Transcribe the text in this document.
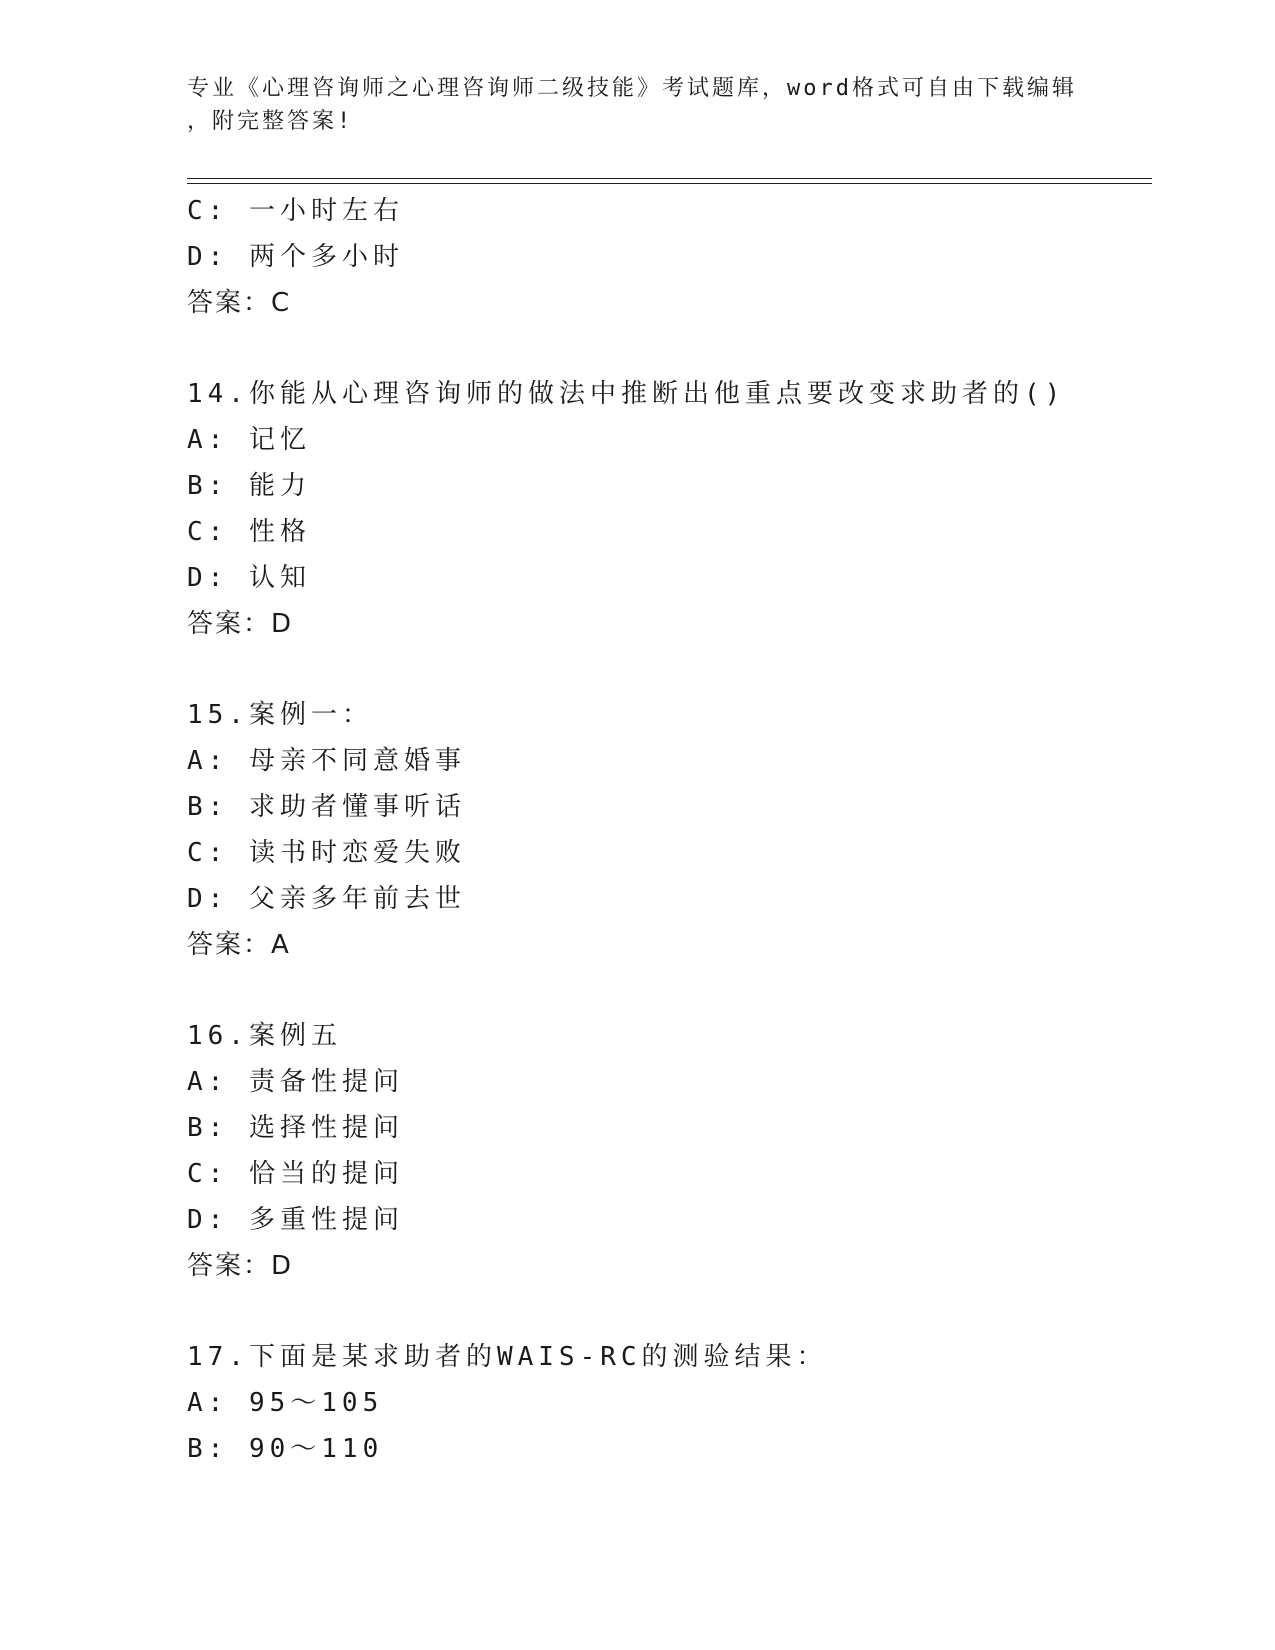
专业《心理咨询师之心理咨询师二级技能》考试题库，word格式可自由下载编辑
，附完整答案!
C: 一小时左右
D: 两个多小时
答案：C
14.你能从心理咨询师的做法中推断出他重点要改变求助者的()
A: 记忆
B: 能力
C: 性格
D: 认知
答案：D
15.案例一：
A: 母亲不同意婚事
B: 求助者懂事听话
C: 读书时恋爱失败
D: 父亲多年前去世
答案：A
16.案例五
A: 责备性提问
B: 选择性提问
C: 恰当的提问
D: 多重性提问
答案：D
17.下面是某求助者的WAIS-RC的测验结果：
A: 95～105
B: 90～110
